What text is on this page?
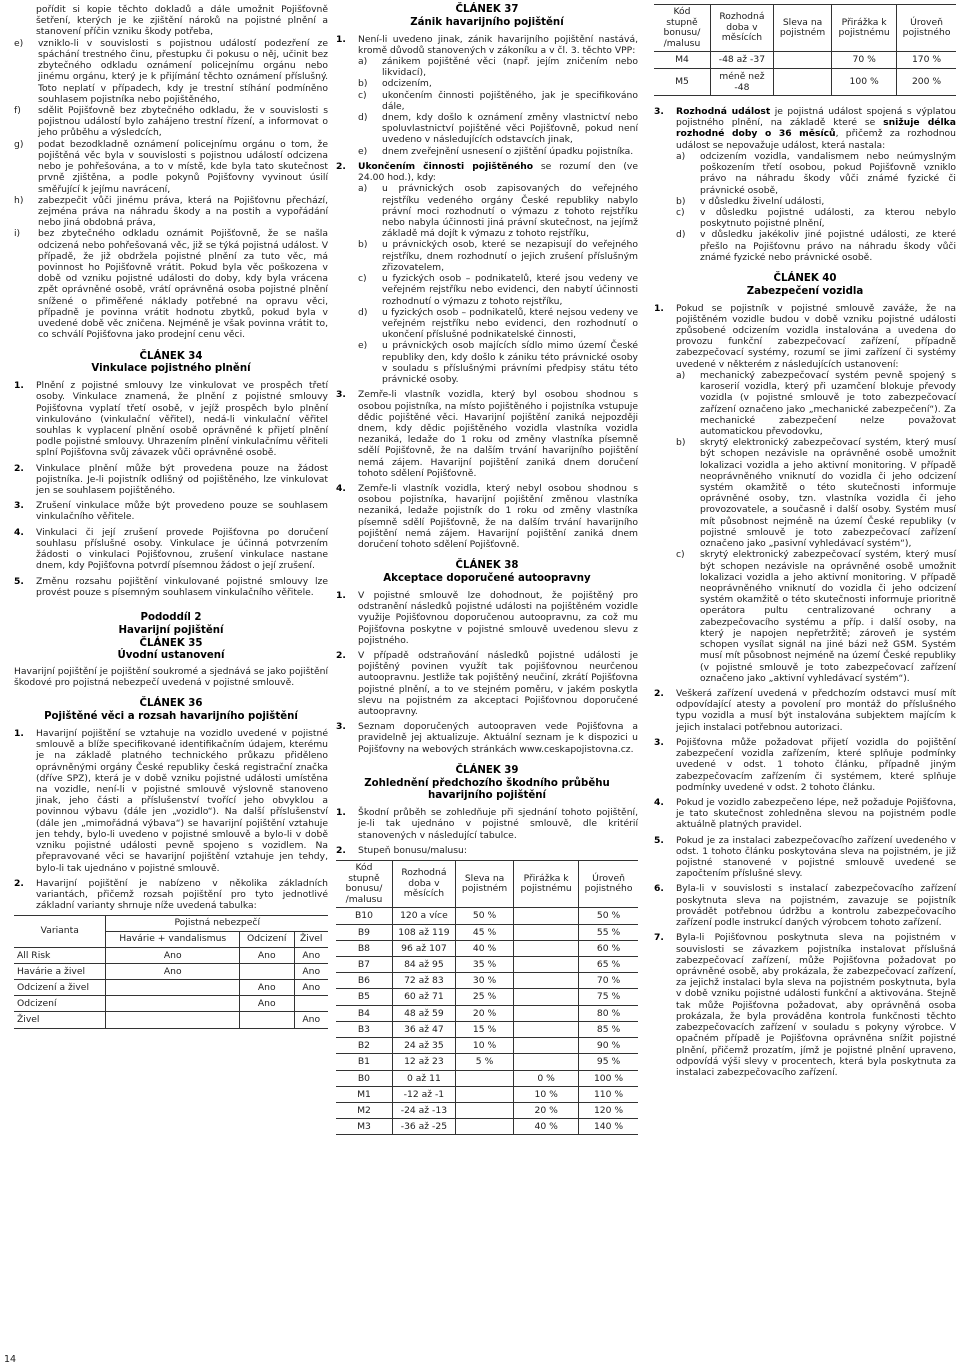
pořídit si kopie těchto dokladů a dále umožnit Pojišťovně šetření, kterých je ke zjištění nároků na pojistné plnění a stanovení příčin vzniku škody potřeba,
e)	vzniklo-li v souvislosti s pojistnou událostí podezření ze spáchání trestného činu, přestupku či pokusu o něj, učinit bez zbytečného odkladu oznámení policejnímu orgánu nebo jinému orgánu, který je k přijímání těchto oznámení příslušný. Toto neplatí v případech, kdy je trestní stíhání podmíněno souhlasem pojistníka nebo pojištěného,
f)	sdělit Pojišťovně bez zbytečného odkladu, že v souvislosti s pojistnou událostí bylo zahájeno trestní řízení, a informovat o jeho průběhu a výsledcích,
g)	podat bezodkladně oznámení policejnímu orgánu o tom, že pojištěná věc byla v souvislosti s pojistnou událostí odcizena nebo je pohřešována, a to v místě, kde byla tato skutečnost prvně zjištěna, a podle pokynů Pojišťovny vyvinout úsilí směřující k jejímu navrácení,
h)	zabezpečit vůči jinému práva, která na Pojišťovnu přechází, zejména práva na náhradu škody a na postih a vypořádání nebo jiná obdobná práva,
i)	bez zbytečného odkladu oznámit Pojišťovně, že se našla odcizená nebo pohřešovaná věc, již se týká pojistná událost. V případě, že již obdržela pojistné plnění za tuto věc, má povinnost ho Pojišťovně vrátit. Pokud byla věc poškozena v době od vzniku pojistné události do doby, kdy byla vrácena zpět oprávněné osobě, vrátí oprávněná osoba pojistné plnění snížené o přiměřené náklady potřebné na opravu věci, případně je povinna vrátit hodnotu zbytků, pokud byla v uvedené době věc zničena. Nejméně je však povinna vrátit to, co schválí Pojišťovna jako prodejní cenu věci.
ČLÁNEK 34
Vinkulace pojistného plnění
1.	Plnění z pojistné smlouvy lze vinkulovat ve prospěch třetí osoby. Vinkulace znamená, že plnění z pojistné smlouvy Pojišťovna vyplatí třetí osobě, v jejíž prospěch bylo plnění vinkulováno (vinkulační věřitel), nedá-li vinkulační věřitel souhlas k vyplacení plnění osobě oprávněné k přijetí plnění podle pojistné smlouvy. Uhrazením plnění vinkulačnímu věřiteli splní Pojišťovna svůj závazek vůči oprávněné osobě.
2.	Vinkulace plnění může být provedena pouze na žádost pojistníka. Je-li pojistník odlišný od pojištěného, lze vinkulovat jen se souhlasem pojištěného.
3.	Zrušení vinkulace může být provedeno pouze se souhlasem vinkulačního věřitele.
4.	Vinkulaci či její zrušení provede Pojišťovna po doručení souhlasu příslušné osoby. Vinkulace je účinná potvrzením žádosti o vinkulaci Pojišťovnou, zrušení vinkulace nastane dnem, kdy Pojišťovna potvrdí písemnou žádost o její zrušení.
5.	Změnu rozsahu pojištění vinkulované pojistné smlouvy lze provést pouze s písemným souhlasem vinkulačního věřitele.
Pododdíl 2
Havarijní pojištění
ČLÁNEK 35
Úvodní ustanovení
Havarijní pojištění je pojištění soukromé a sjednává se jako pojištění škodové pro pojistná nebezpečí uvedená v pojistné smlouvě.
ČLÁNEK 36
Pojištěné věci a rozsah havarijního pojištění
1.	Havarijní pojištění se vztahuje na vozidlo uvedené v pojistné smlouvě a blíže specifikované identifikačním údajem, kterému je na základě platného technického průkazu přiděleno oprávněnými orgány České republiky česká registrační značka (dříve SPZ), která je v době vzniku pojistné události umístěna na vozidle, není-li v pojistné smlouvě výslovně stanoveno jinak, jeho části a příslušenství tvořící jeho obvyklou a povinnou výbavu (dále jen „vozidlo“). Na další příslušenství (dále jen „mimořádná výbava“) se havarijní pojištění vztahuje jen tehdy, bylo-li uvedeno v pojistné smlouvě a bylo-li v době vzniku pojistné události pevně spojeno s vozidlem. Na přepravované věci se havarijní pojištění vztahuje jen tehdy, bylo-li tak ujednáno v pojistné smlouvě.
2.	Havarijní pojištění je nabízeno v několika základních variantách, přičemž rozsah pojištění pro tyto jednotlivé základní varianty shrnuje níže uvedená tabulka:
Varianta	Pojistná nebezpečí		
	Havárie + vandalismus	Odcizení	Živel
All Risk	Ano	Ano	Ano
Havárie a živel	Ano		Ano
Odcizení a živel		Ano	Ano
Odcizení		Ano	
Živel			Ano
ČLÁNEK 37
Zánik havarijního pojištění
1.	Není-li uvedeno jinak, zánik havarijního pojištění nastává, kromě důvodů stanovených v zákoníku a v čl. 3. těchto VPP:
a)	zánikem pojištěné věci (např. jejím zničením nebo likvidací),
b)	odcizením,
c)	ukončením činnosti pojištěného, jak je specifikováno dále,
d)	dnem, kdy došlo k oznámení změny vlastnictví nebo spoluvlastnictví pojištěné věci Pojišťovně, pokud není uvedeno v následujících odstavcích jinak,
e)	dnem zveřejnění usnesení o zjištění úpadku pojistníka.
2.	Ukončením činnosti pojištěného se rozumí den (ve 24.00 hod.), kdy:
a)	u právnických osob zapisovaných do veřejného rejstříku vedeného orgány České republiky nabylo právní moci rozhodnutí o výmazu z tohoto rejstříku nebo nabyla účinnosti jiná právní skutečnost, na jejímž základě má dojít k výmazu z tohoto rejstříku,
b)	u právnických osob, které se nezapisují do veřejného rejstříku, dnem rozhodnutí o jejich zrušení příslušným zřizovatelem,
c)	u fyzických osob – podnikatelů, které jsou vedeny ve veřejném rejstříku nebo evidenci, den nabytí účinnosti rozhodnutí o výmazu z tohoto rejstříku,
d)	u fyzických osob – podnikatelů, které nejsou vedeny ve veřejném rejstříku nebo evidenci, den rozhodnutí o ukončení příslušné podnikatelské činnosti,
e)	u právnických osob majících sídlo mimo území České republiky den, kdy došlo k zániku této právnické osoby v souladu s příslušnými právními předpisy státu této právnické osoby.
3.	Zemře-li vlastník vozidla, který byl osobou shodnou s osobou pojistníka, na místo pojištěného i pojistníka vstupuje dědic pojištěné věci. Havarijní pojištění zaniká nejpozději dnem, kdy dědic pojištěného vozidla vlastníka vozidla nezaniká, ledaže do 1 roku od změny vlastníka písemně sdělí Pojišťovně, že na dalším trvání havarijního pojištění nemá zájem. Havarijní pojištění zaniká dnem doručení tohoto sdělení Pojišťovně.
4.	Zemře-li vlastník vozidla, který nebyl osobou shodnou s osobou pojistníka, havarijní pojištění změnou vlastníka nezaniká, ledaže pojistník do 1 roku od změny vlastníka písemně sdělí Pojišťovně, že na dalším trvání havarijního pojištění nemá zájem. Havarijní pojištění zaniká dnem doručení tohoto sdělení Pojišťovně.
ČLÁNEK 38
Akceptace doporučené autoopravny
1.	V pojistné smlouvě lze dohodnout, že pojištěný pro odstranění následků pojistné události na pojištěném vozidle využije Pojišťovnou doporučenou autoopravnu, za což mu Pojišťovna poskytne v pojistné smlouvě uvedenou slevu z pojistného.
2.	V případě odstraňování následků pojistné události je pojištěný povinen využít tak pojišťovnou neurčenou autoopravnu. Jestliže tak pojištěný neučiní, zkrátí Pojišťovna pojistné plnění, a to ve stejném poměru, v jakém poskytla slevu na pojistném za akceptaci Pojišťovnou doporučené autoopravny.
3.	Seznam doporučených autoopraven vede Pojišťovna a pravidelně jej aktualizuje. Aktuální seznam je k dispozici u Pojišťovny na webových stránkách www.ceskapojistovna.cz.
ČLÁNEK 39
Zohlednění předchozího škodního průběhu havarijního pojištění
1.	Škodní průběh se zohledňuje při sjednání tohoto pojištění, je-li tak ujednáno v pojistné smlouvě, dle kritérií stanovených v následující tabulce.
2.	Stupeň bonusu/malusu:
Kód stupně bonusu/ /malusu	Rozhodná doba v měsících	Sleva na pojistném	Přirážka k pojistnému	Úroveň pojistného
B10	120 a více	50 %		50 %
B9	108 až 119	45 %		55 %
B8	96 až 107	40 %		60 %
B7	84 až 95	35 %		65 %
B6	72 až 83	30 %		70 %
B5	60 až 71	25 %		75 %
B4	48 až 59	20 %		80 %
B3	36 až 47	15 %		85 %
B2	24 až 35	10 %		90 %
B1	12 až 23	5 %		95 %
B0	0 až 11		0 %	100 %
M1	-12 až -1		10 %	110 %
M2	-24 až -13		20 %	120 %
M3	-36 až -25		40 %	140 %
Kód stupně bonusu/ /malusu	Rozhodná doba v měsících	Sleva na pojistném	Přirážka k pojistnému	Úroveň pojistného
M4	-48 až -37		70 %	170 %
M5	méně než -48		100 %	200 %
3.	Rozhodná událost je pojistná událost spojená s výplatou pojistného plnění, na základě které se snižuje délka rozhodné doby o 36 měsíců, přičemž za rozhodnou událost se nepovažuje událost, která nastala:
a)	odcizením vozidla, vandalismem nebo neúmyslným poškozením třetí osobou, pokud Pojišťovně vzniklo právo na náhradu škody vůči známé fyzické či právnické osobě,
b)	v důsledku živelní události,
c)	v důsledku pojistné události, za kterou nebylo poskytnuto pojistné plnění,
d)	v důsledku jakékoliv jiné pojistné události, ze které přešlo na Pojišťovnu právo na náhradu škody vůči známé fyzické nebo právnické osobě.
ČLÁNEK 40
Zabezpečení vozidla
1.	Pokud se pojistník v pojistné smlouvě zaváže, že na pojištěném vozidle budou v době vzniku pojistné události způsobené odcizením vozidla instalována a uvedena do provozu funkční zabezpečovací zařízení, případně zabezpečovací systémy, rozumí se jimi zařízení či systémy uvedené v některém z následujících ustanovení:
a)	mechanický zabezpečovací systém pevně spojený s karoserií vozidla, který při uzamčení blokuje převody vozidla (v pojistné smlouvě je toto zabezpečovací zařízení označeno jako „mechanické zabezpečení“). Za mechanické zabezpečení nelze považovat automatickou převodovku,
b)	skrytý elektronický zabezpečovací systém, který musí být schopen nezávisle na oprávněné osobě umožnit lokalizaci vozidla a jeho aktivní monitoring. V případě neoprávněného vniknutí do vozidla či jeho odcizení systém okamžitě o této skutečnosti informuje oprávněné osoby, tzn. vlastníka vozidla či jeho provozovatele, a současně i další osoby. Systém musí mít působnost nejméně na území České republiky (v pojistné smlouvě je toto zabezpečovací zařízení označeno jako „pasivní vyhledávací systém“),
c)	skrytý elektronický zabezpečovací systém, který musí být schopen nezávisle na oprávněné osobě umožnit lokalizaci vozidla a jeho aktivní monitoring. V případě neoprávněného vniknutí do vozidla či jeho odcizení systém okamžitě o této skutečnosti informuje prioritně operátora pultu centralizované ochrany a zabezpečovacího systému a příp. i další osoby, na který je napojen nepřetržitě; zároveň je systém schopen vysílat signál na jiné bázi než GSM. Systém musí mít působnost nejméně na území České republiky (v pojistné smlouvě je toto zabezpečovací zařízení označeno jako „aktivní vyhledávací systém“).
2.	Veškerá zařízení uvedená v předchozím odstavci musí mít odpovídající atesty a povolení pro montáž do příslušného typu vozidla a musí být instalována subjektem majícím k jejich instalaci potřebnou autorizaci.
3.	Pojišťovna může požadovat přijetí vozidla do pojištění zabezpečení vozidla zařízením, které splňuje podmínky uvedené v odst. 1 tohoto článku, případně jiným zabezpečovacím zařízením či systémem, které splňuje podmínky uvedené v odst. 2 tohoto článku.
4.	Pokud je vozidlo zabezpečeno lépe, než požaduje Pojišťovna, je tato skutečnost zohledněna slevou na pojistném podle aktuálně platných pravidel.
5.	Pokud je za instalaci zabezpečovacího zařízení uvedeného v odst. 1 tohoto článku poskytována sleva na pojistném, je již pojistné stanovené v pojistné smlouvě uvedené se započtením příslušné slevy.
6.	Byla-li v souvislosti s instalací zabezpečovacího zařízení poskytnuta sleva na pojistném, zavazuje se pojistník provádět potřebnou údržbu a kontrolu zabezpečovacího zařízení podle instrukcí daných výrobcem tohoto zařízení.
7.	Byla-li Pojišťovnou poskytnuta sleva na pojistném v souvislosti se závazkem pojistníka instalovat příslušná zabezpečovací zařízení, může Pojišťovna požadovat po oprávněné osobě, aby prokázala, že zabezpečovací zařízení, za jejichž instalaci byla sleva na pojistném poskytnuta, byla v době vzniku pojistné události funkční a aktivována. Stejně tak může Pojišťovna požadovat, aby oprávněná osoba prokázala, že byla prováděna kontrola funkčnosti těchto zabezpečovacích zařízení v souladu s pokyny výrobce. V opačném případě je Pojišťovna oprávněna snížit pojistné plnění, přičemž prozatím, jímž je pojistné plnění upraveno, odpovídá výši slevy v procentech, která byla poskytnuta za instalaci zabezpečovacího zařízení.
14
